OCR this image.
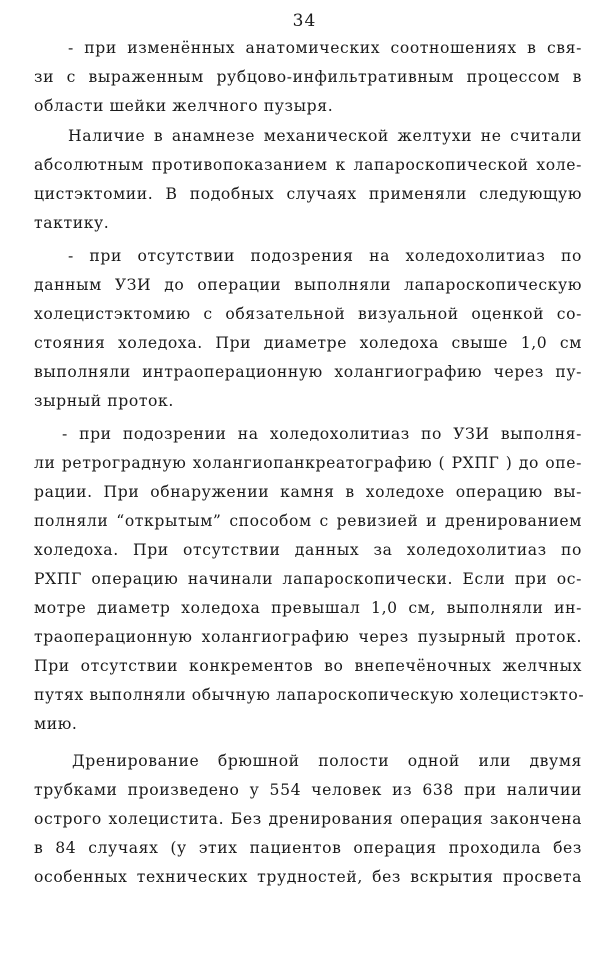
34
- при изменённых анатомических соотношениях в свя-
зи с выраженным рубцово-инфильтративным процессом в
области шейки желчного пузыря.
Наличие в анамнезе механической желтухи не считали
абсолютным противопоказанием к лапароскопической холе-
цистэктомии. В подобных случаях применяли следующую
тактику.
- при отсутствии подозрения на холедохолитиаз по
данным УЗИ до операции выполняли лапароскопическую
холецистэктомию с обязательной визуальной оценкой со-
стояния холедоха. При диаметре холедоха свыше 1,0 см
выполняли интраоперационную холангиографию через пу-
зырный проток.
- при подозрении на холедохолитиаз по УЗИ выполня-
ли ретроградную холангиопанкреатографию ( РХПГ ) до опе-
рации. При обнаружении камня в холедохе операцию вы-
полняли “открытым” способом с ревизией и дренированием
холедоха. При отсутствии данных за холедохолитиаз по
РХПГ операцию начинали лапароскопически. Если при ос-
мотре диаметр холедоха превышал 1,0 см, выполняли ин-
траоперационную холангиографию через пузырный проток.
При отсутствии конкрементов во внепечёночных желчных
путях выполняли обычную лапароскопическую холецистэкто-
мию.
Дренирование брюшной полости одной или двумя
трубками произведено у 554 человек из 638 при наличии
острого холецистита. Без дренирования операция закончена
в 84 случаях (у этих пациентов операция проходила без
особенных технических трудностей, без вскрытия просвета
